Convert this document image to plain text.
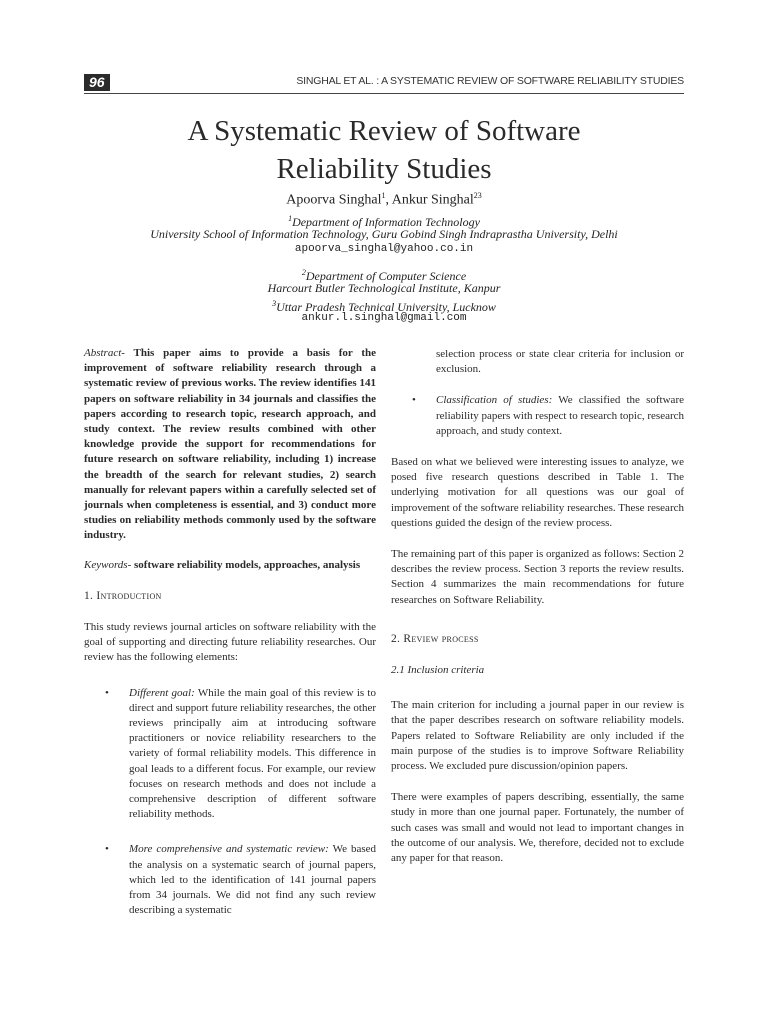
96	SINGHAL ET AL. : A SYSTEMATIC REVIEW OF SOFTWARE RELIABILITY STUDIES
A Systematic Review of Software
Reliability Studies
Apoorva Singhal$^1$, Ankur Singhal$^{23}$
$^1$Department of Information Technology
University School of Information Technology, Guru Gobind Singh Indraprastha University, Delhi
apoorva_singhal@yahoo.co.in
$^2$Department of Computer Science
Harcourt Butler Technological Institute, Kanpur
$^3$Uttar Pradesh Technical University, Lucknow
ankur.l.singhal@gmail.com

Abstract- This paper aims to provide a basis for the improvement of software reliability research through a systematic review of previous works. The review identifies 141 papers on software reliability in 34 journals and classifies the papers according to research topic, research approach, and study context. The review results combined with other knowledge provide the support for recommendations for future research on software reliability, including 1) increase the breadth of the search for relevant studies, 2) search manually for relevant papers within a carefully selected set of journals when completeness is essential, and 3) conduct more studies on reliability methods commonly used by the software industry.

Keywords- software reliability models, approaches, analysis

1. Introduction

This study reviews journal articles on software reliability with the goal of supporting and directing future reliability researches. Our review has the following elements:

• Different goal: While the main goal of this review is to direct and support future reliability researches, the other reviews principally aim at introducing software practitioners or novice reliability researchers to the variety of formal reliability models. This difference in goal leads to a different focus. For example, our review focuses on research methods and does not include a comprehensive description of different software reliability methods.
• More comprehensive and systematic review: We based the analysis on a systematic search of journal papers, which led to the identification of 141 journal papers from 34 journals. We did not find any such review describing a systematic
selection process or state clear criteria for inclusion or exclusion.
• Classification of studies: We classified the software reliability papers with respect to research topic, research approach, and study context.

Based on what we believed were interesting issues to analyze, we posed five research questions described in Table 1. The underlying motivation for all questions was our goal of improvement of the software reliability researches. These research questions guided the design of the review process.

The remaining part of this paper is organized as follows: Section 2 describes the review process. Section 3 reports the review results. Section 4 summarizes the main recommendations for future researches on Software Reliability.

2. Review process

2.1 Inclusion criteria

The main criterion for including a journal paper in our review is that the paper describes research on software reliability models. Papers related to Software Reliability are only included if the main purpose of the studies is to improve Software Reliability process. We excluded pure discussion/opinion papers.

There were examples of papers describing, essentially, the same study in more than one journal paper. Fortunately, the number of such cases was small and would not lead to important changes in the outcome of our analysis. We, therefore, decided not to exclude any paper for that reason.
